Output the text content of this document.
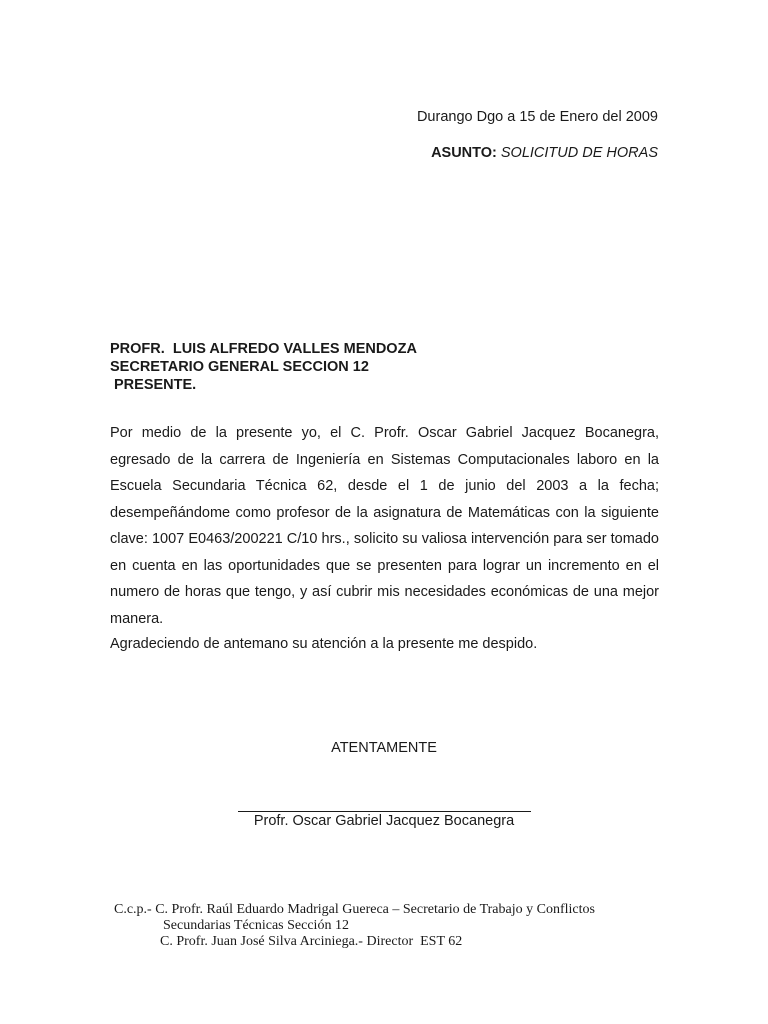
Durango Dgo a 15 de Enero del 2009
ASUNTO: SOLICITUD DE HORAS
PROFR.  LUIS ALFREDO VALLES MENDOZA
SECRETARIO GENERAL SECCION 12
PRESENTE.

Por medio de la presente yo, el C. Profr. Oscar Gabriel Jacquez Bocanegra, egresado de la carrera de Ingeniería en Sistemas Computacionales laboro en la Escuela Secundaria Técnica 62, desde el 1 de junio del 2003 a la fecha; desempeñándome como profesor de la asignatura de Matemáticas con la siguiente clave: 1007 E0463/200221 C/10 hrs., solicito su valiosa intervención para ser tomado en cuenta en las oportunidades que se presenten para lograr un incremento en el numero de horas que tengo, y así cubrir mis necesidades económicas de una mejor manera.

Agradeciendo de antemano su atención a la presente me despido.
ATENTAMENTE
Profr. Oscar Gabriel Jacquez Bocanegra
C.c.p.- C. Profr. Raúl Eduardo Madrigal Guereca – Secretario de Trabajo y Conflictos
Secundarias Técnicas Sección 12
C. Profr. Juan José Silva Arciniega.- Director  EST 62
